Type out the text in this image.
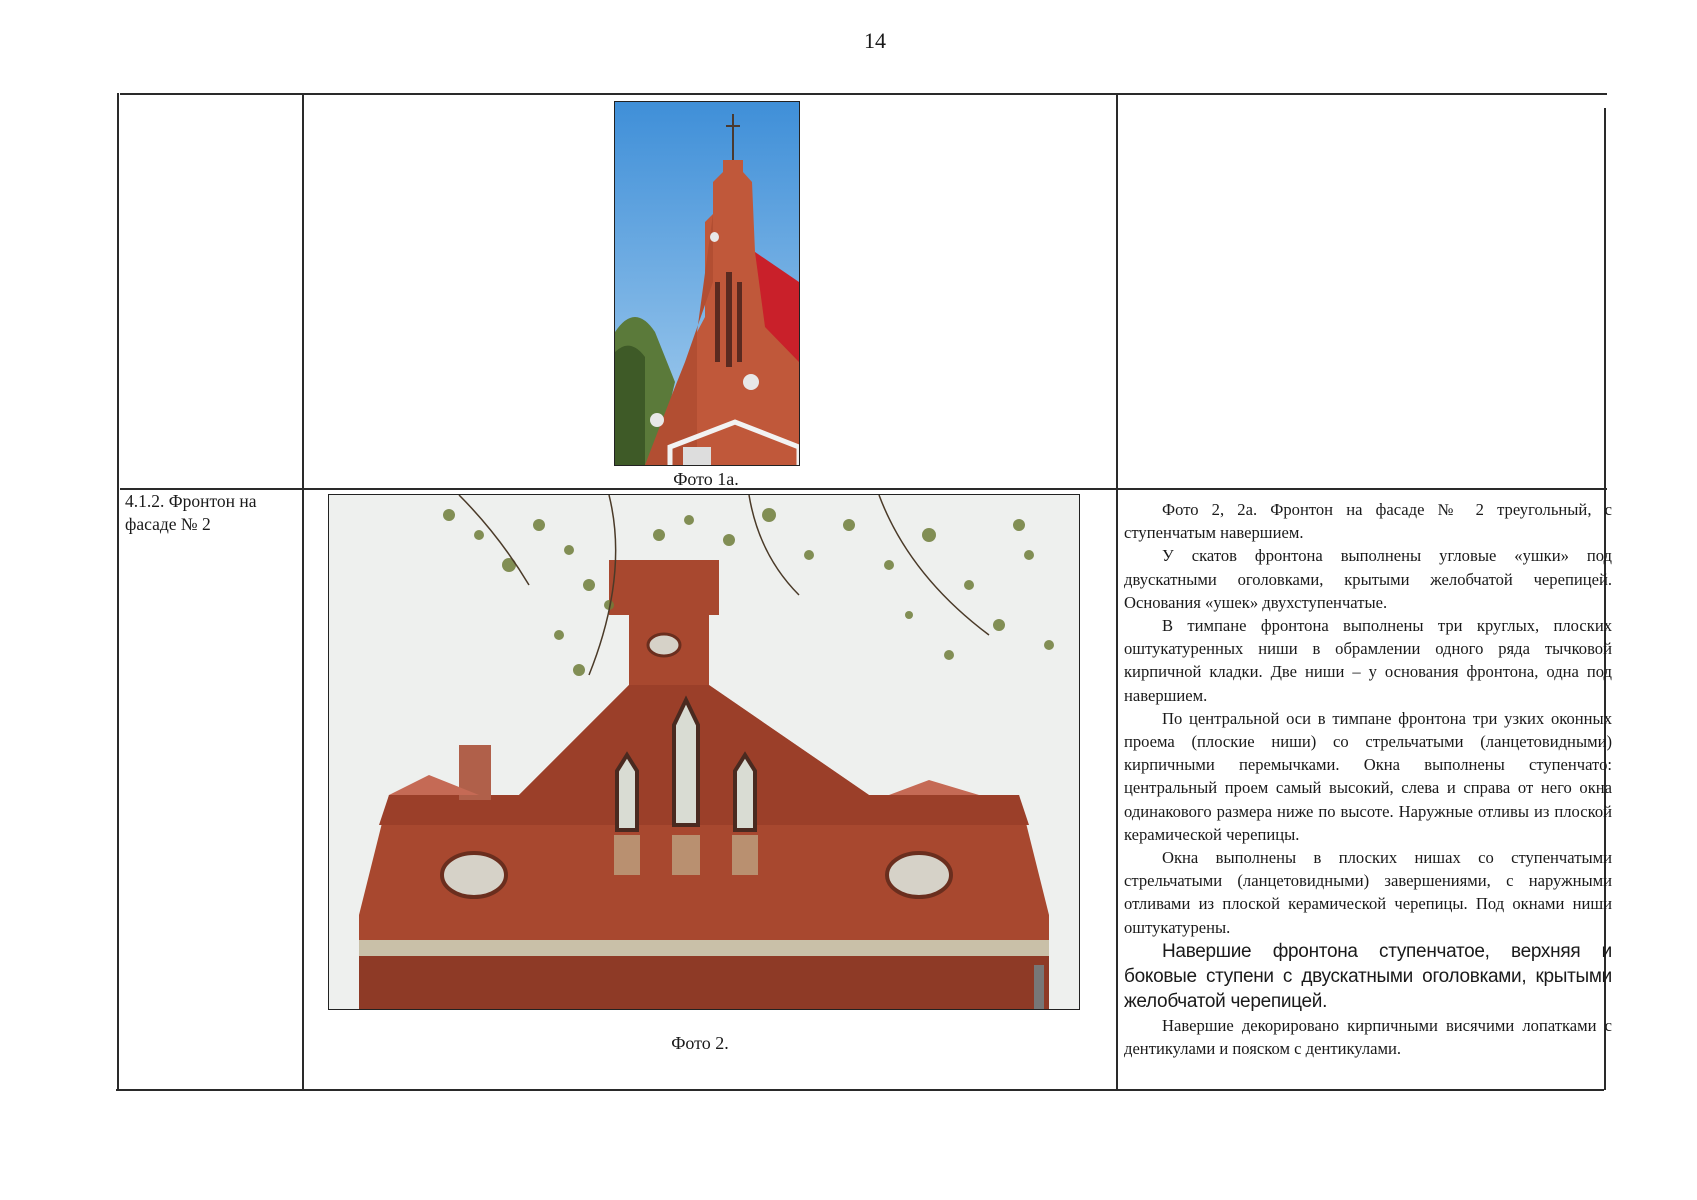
14
Фото 1а.
4.1.2. Фронтон на фасаде № 2
Фото 2.

Фото 2, 2а. Фронтон на фасаде № 2 треугольный, с ступенчатым навершием.

У скатов фронтона выполнены угловые «ушки» под двускатными оголовками, крытыми желобчатой черепицей. Основания «ушек» двухступенчатые.

В тимпане фронтона выполнены три круглых, плоских оштукатуренных ниши в обрамлении одного ряда тычковой кирпичной кладки. Две ниши – у основания фронтона, одна под навершием.

По центральной оси в тимпане фронтона три узких оконных проема (плоские ниши) со стрельчатыми (ланцетовидными) кирпичными перемычками. Окна выполнены ступенчато: центральный проем самый высокий, слева и справа от него окна одинакового размера ниже по высоте. Наружные отливы из плоской керамической черепицы.

Окна выполнены в плоских нишах со ступенчатыми стрельчатыми (ланцетовидными) завершениями, с наружными отливами из плоской керамической черепицы. Под окнами ниши оштукатурены.

Навершие фронтона ступенчатое, верхняя и боковые ступени с двускатными оголовками, крытыми желобчатой черепицей.

Навершие декорировано кирпичными висячими лопатками с дентикулами и пояском с дентикулами.
